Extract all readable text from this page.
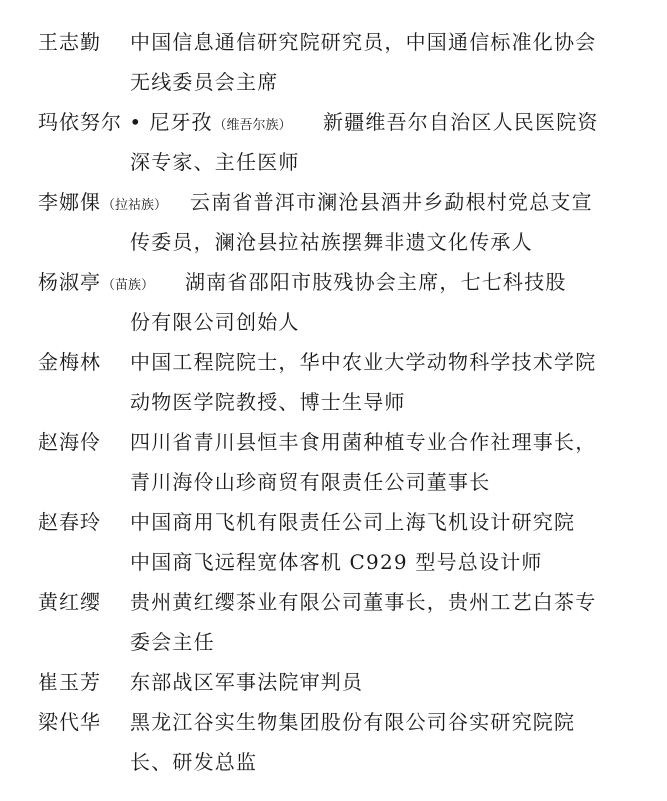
王志勤 中国信息通信研究院研究员，中国通信标准化协会
无线委员会主席
玛依努尔 • 尼牙孜（维吾尔族） 新疆维吾尔自治区人民医院资
深专家、主任医师
李娜倮（拉祜族） 云南省普洱市澜沧县酒井乡勐根村党总支宣
传委员，澜沧县拉祜族摆舞非遗文化传承人
杨淑亭（苗族） 湖南省邵阳市肢残协会主席，七七科技股
份有限公司创始人
金梅林 中国工程院院士，华中农业大学动物科学技术学院
动物医学院教授、博士生导师
赵海伶 四川省青川县恒丰食用菌种植专业合作社理事长，
青川海伶山珍商贸有限责任公司董事长
赵春玲 中国商用飞机有限责任公司上海飞机设计研究院
中国商飞远程宽体客机 C929 型号总设计师
黄红缨 贵州黄红缨茶业有限公司董事长，贵州工艺白茶专
委会主任
崔玉芳 东部战区军事法院审判员
梁代华 黑龙江谷实生物集团股份有限公司谷实研究院院
长、研发总监
